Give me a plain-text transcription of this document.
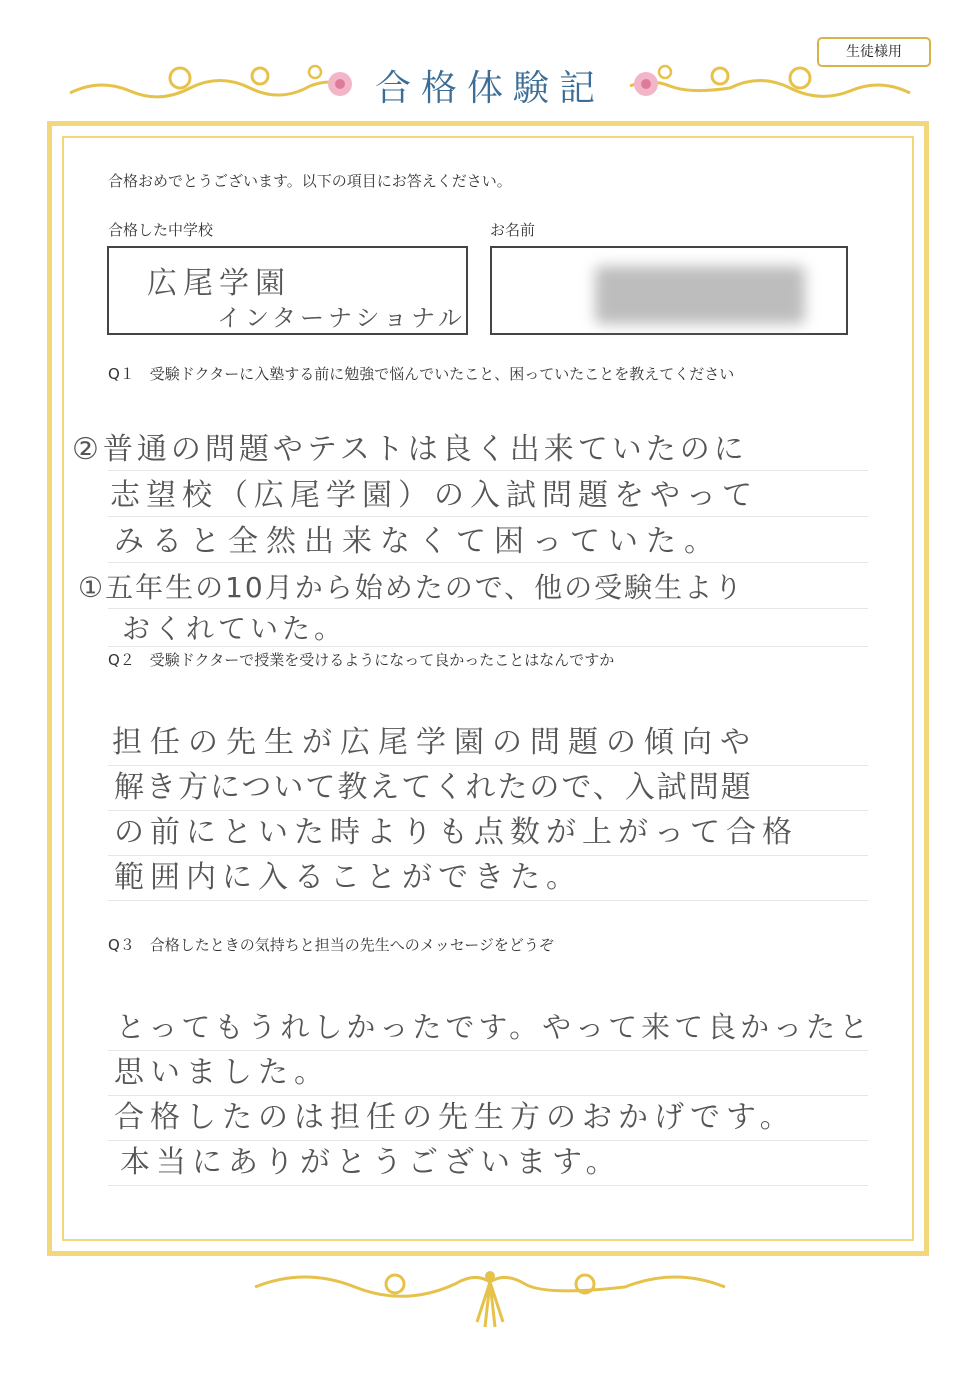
生徒様用
合格体験記
合格おめでとうございます。以下の項目にお答えください。
合格した中学校
広尾学園
インターナショナル
お名前
Q１　受験ドクターに入塾する前に勉強で悩んでいたこと、困っていたことを教えてください
②普通の問題やテストは良く出来ていたのに
志望校（広尾学園）の入試問題をやって
みると全然出来なくて困っていた。
①五年生の10月から始めたので、他の受験生より
おくれていた。
Q２　受験ドクターで授業を受けるようになって良かったことはなんですか
担任の先生が広尾学園の問題の傾向や
解き方について教えてくれたので、入試問題
の前にといた時よりも点数が上がって合格
範囲内に入ることができた。
Q３　合格したときの気持ちと担当の先生へのメッセージをどうぞ
とってもうれしかったです。やって来て良かったと
思いました。
合格したのは担任の先生方のおかげです。
本当にありがとうございます。
